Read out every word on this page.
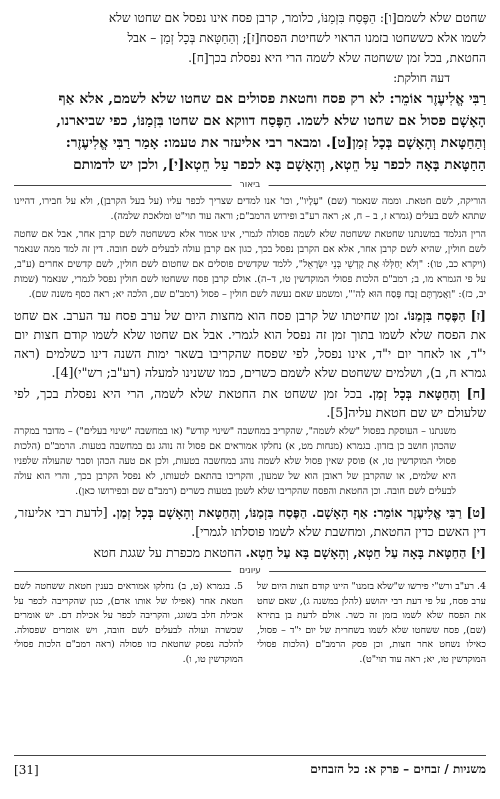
שחטם שלא לשמם[ו]: הַפֶּסַח בִּזְמַנּוֹ, כלומר, קרבן פסח אינו נפסל אם שחטו שלא

לשמו אלא כששחטו בזמנו הראוי לשחיטת הפסח[ז]; וְהַחַטָּאת בְּכָל זְמַן – אבל

החטאת, בכל זמן ששחטה שלא לשמה הרי היא נפסלת בכך[ח].

דעה חולקת:

רַבִּי אֱלִיעֶזֶר אוֹמֵר: לא רק פסח וחטאת פסולים אם שחטו שלא לשמם, אלא אַף

הָאָשָׁם פסול אם שחטו שלא לשמו. הַפֶּסַח דווקא אם שחטו בִּזְמַנּוֹ, כפי שביארנו,

וְהַחַטָּאת וְהָאָשָׁם בְּכָל זְמַן[ט]. ומבאר רבי אליעזר את טעמו: אָמַר רַבִּי אֱלִיעֶזֶר:

הַחַטָּאת בָּאָה לכפר עַל חֵטְא, וְהָאָשָׁם בָּא לכפר עַל חֵטְא[י], ולכן יש לדמותם

ביאור

הוריקה, לשם חטאת. וממה שנאמר (שם) "עָלָיו", וכו' אנו למדים שצריך לכפר עליו (על בעל הקרבן), ולא על חבירו, דהיינו שתהא לשם בעלים (גמרא ז, ב – ח, א; ראה רע"ב ופירוש הרמב"ם; וראה עוד תוי"ט ומלאכת שלמה).

הרין הנלמד במשנתנו שחטאת ששחטה שלא לשמה פסולה לגמרי, אינו אמור אלא כששחטה לשם קרבן אחר, אבל אם שחטה לשם חולין, שהיא לשם קרבן אחר, אלא אם הקרבן נפסל בכך, כגון אם קרבן עולה לבעלים לשם חובה. דין זה למד ממה שנאמר (ויקרא כב, טו): "וְלֹא יְחַלְּלוּ אֶת קָדְשֵׁי בְּנֵי יִשְׂרָאֵל", ללמד שקדשים פוסלים אם שחטום לשם חולין, לשם קדשים אחרים (ע"ב, על פי הגמרא מו, ב; רמב"ם הלכות פסולי המוקדשין טו, ד–ה). אולם קרבן פסח ששחטו לשם חולין נפסל לגמרי, שנאמר (שמות יב, כז): "וַאֲמַרְתֶּם זֶבַח פֶּסַח הוּא לַה'", ומשמע שאם נעשה לשם חולין – פסול (רמב"ם שם, הלכה יא; ראה כסף משנה שם).

[ז] הַפֶּסַח בִּזְמַנּוֹ. זמן שחיטתו של קרבן פסח הוא מחצות היום של ערב פסח עד הערב. אם שחט את הפסח שלא לשמו בתוך זמן זה נפסל הוא לגמרי. אבל אם שחטו שלא לשמו קודם חצות יום י"ד, או לאחר יום י"ד, אינו נפסל, לפי שפסח שהקריבו בשאר ימות השנה דינו כשלמים (ראה גמרא ח, ב), ושלמים ששחטם שלא לשמם כשרים, כמו ששנינו למעלה (רע"ב; רש"י)[4].

[ח] וְהַחַטָּאת בְּכָל זְמַן. בכל זמן ששחט את החטאת שלא לשמה, הרי היא נפסלת בכך, לפי שלעולם יש שם חטאת עליה[5].

משנתנו – העוסקת בפסול "שלא לשמה", שהקריב במחשבה "שינוי קודש" (או במחשבה "שינוי בעלים") – מדובר במקרה שהכהן חושב כן בזדון. בגמרא (מנחות מט, א) נחלקו אמוראים אם פסול זה נוהג גם במחשבה בטעות. הרמב"ם (הלכות פסולי המוקדשין טו, א) פוסק שאין פסול שלא לשמה נוהג במחשבה בטעות, ולכן אם טעה הכהן וסבר שהעולה שלפניו היא שלמים, או שהקרבן של ראובן הוא של שמעון, והקריבו בהתאם לטעותו, לא נפסל הקרבן בכך, והרי הוא עולה לבעלים לשם חובה. וכן החטאת והפסח שהקריבו שלא לשמן בטעות כשרים (רמב"ם שם ובפירושו כאן).

[ט] רַבִּי אֱלִיעֶזֶר אוֹמֵר: אַף הָאָשָׁם. הַפֶּסַח בִּזְמַנּוֹ, וְהַחַטָּאת וְהָאָשָׁם בְּכָל זְמַן. [לדעת רבי אליעזר, דין האשם כדין החטאת, ומחשבת שלא לשמו פוסלתו לגמרי].

[י] הַחַטָּאת בָּאָה עַל חֵטְא, וְהָאָשָׁם בָּא עַל חֵטְא. החטאת מכפרת על שגגת חטא

עיונים
4. רע"ב ורש"י פירשו ש"שלא בזמנו" היינו קודם חצות היום של ערב פסח, על פי דעת רבי יהושע (להלן במשנה ג), שאם שחט את הפסח שלא לשמו בזמן זה כשר. אולם לדעת בן בתירא (שם), פסח ששחטו שלא לשמו בשחרית של יום י"ד – פסול, כאילו נשחט אחר חצות, וכן פסק הרמב"ם (הלכות פסולי המוקדשין טו, יא; ראה עוד תוי"ט).
5. בגמרא (ט, ב) נחלקו אמוראים בענין חטאת ששחטה לשם חטאת אחר (אפילו של אותו אדם), כגון שהקריבה לכפר על אכילת חלב בשוגג, והקריבה לכפר על אכילת דם. יש אומרים שכשרה ועולה לבעלים לשם חובה, ויש אומרים שפסולה. להלכה נפסק שחטאת כזו פסולה (ראה רמב"ם הלכות פסולי המוקדשין טו, ו).
משניות / זבחים – פרק א: כל הזבחים
[31]
